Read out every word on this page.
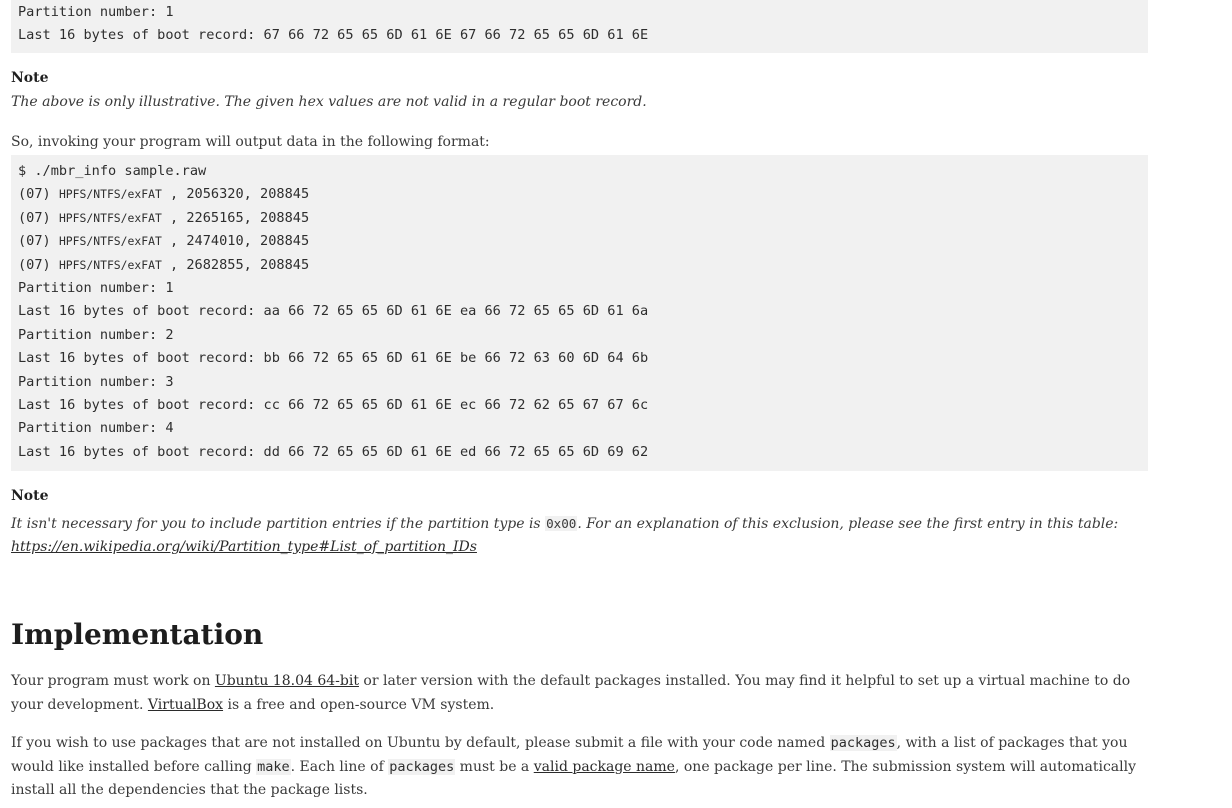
Partition number: 1
Last 16 bytes of boot record: 67 66 72 65 65 6D 61 6E 67 66 72 65 65 6D 61 6E
Note
The above is only illustrative. The given hex values are not valid in a regular boot record.
So, invoking your program will output data in the following format:
$ ./mbr_info sample.raw
(07) HPFS/NTFS/exFAT , 2056320, 208845
(07) HPFS/NTFS/exFAT , 2265165, 208845
(07) HPFS/NTFS/exFAT , 2474010, 208845
(07) HPFS/NTFS/exFAT , 2682855, 208845
Partition number: 1
Last 16 bytes of boot record: aa 66 72 65 65 6D 61 6E ea 66 72 65 65 6D 61 6a
Partition number: 2
Last 16 bytes of boot record: bb 66 72 65 65 6D 61 6E be 66 72 63 60 6D 64 6b
Partition number: 3
Last 16 bytes of boot record: cc 66 72 65 65 6D 61 6E ec 66 72 62 65 67 67 6c
Partition number: 4
Last 16 bytes of boot record: dd 66 72 65 65 6D 61 6E ed 66 72 65 65 6D 69 62
Note
It isn't necessary for you to include partition entries if the partition type is 0x00. For an explanation of this exclusion, please see the first entry in this table:
https://en.wikipedia.org/wiki/Partition_type#List_of_partition_IDs
Implementation
Your program must work on Ubuntu 18.04 64-bit or later version with the default packages installed. You may find it helpful to set up a virtual machine to do your development. VirtualBox is a free and open-source VM system.
If you wish to use packages that are not installed on Ubuntu by default, please submit a file with your code named packages, with a list of packages that you would like installed before calling make. Each line of packages must be a valid package name, one package per line. The submission system will automatically install all the dependencies that the package lists.
